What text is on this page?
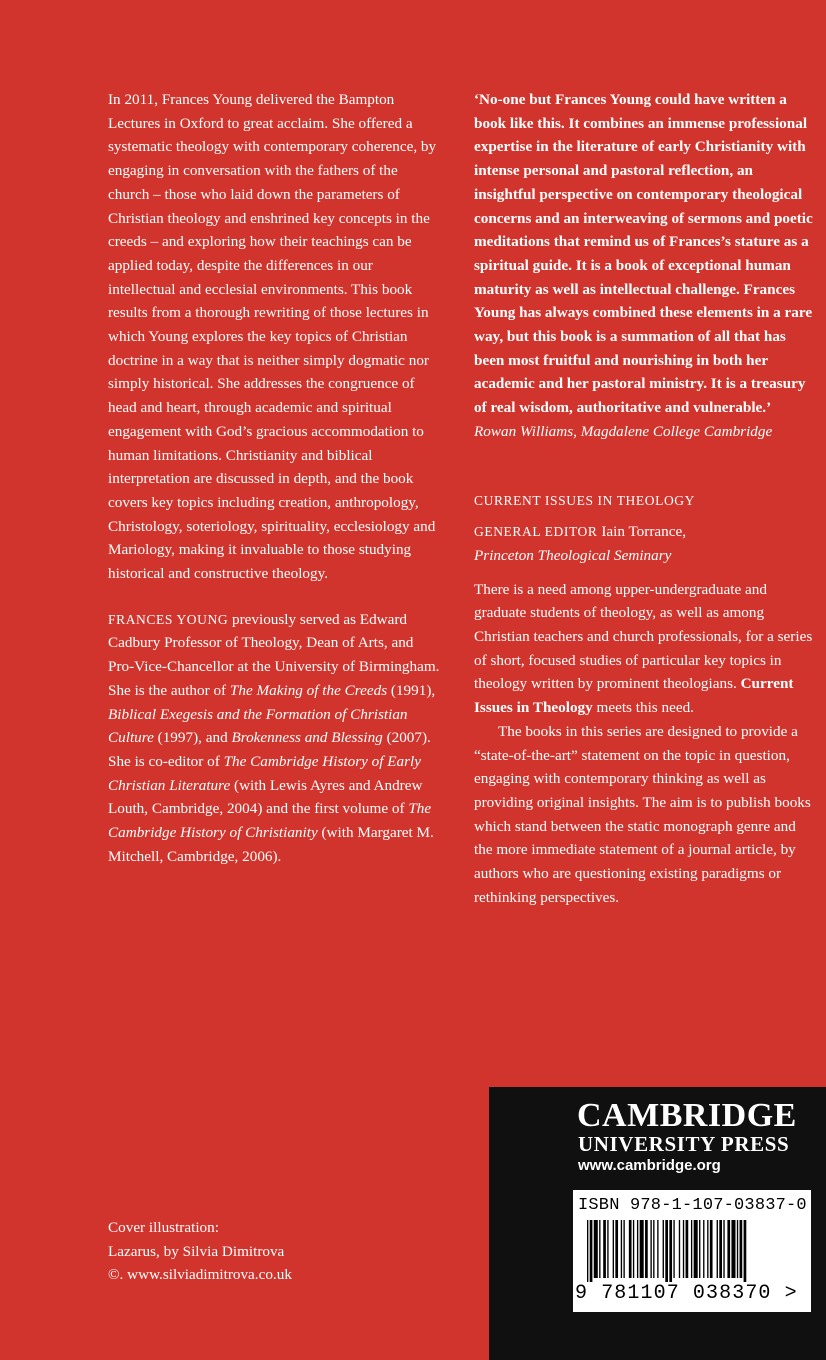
In 2011, Frances Young delivered the Bampton Lectures in Oxford to great acclaim. She offered a systematic theology with contemporary coherence, by engaging in conversation with the fathers of the church – those who laid down the parameters of Christian theology and enshrined key concepts in the creeds – and exploring how their teachings can be applied today, despite the differences in our intellectual and ecclesial environments. This book results from a thorough rewriting of those lectures in which Young explores the key topics of Christian doctrine in a way that is neither simply dogmatic nor simply historical. She addresses the congruence of head and heart, through academic and spiritual engagement with God’s gracious accommodation to human limitations. Christianity and biblical interpretation are discussed in depth, and the book covers key topics including creation, anthropology, Christology, soteriology, spirituality, ecclesiology and Mariology, making it invaluable to those studying historical and constructive theology.

FRANCES YOUNG previously served as Edward Cadbury Professor of Theology, Dean of Arts, and Pro-Vice-Chancellor at the University of Birmingham. She is the author of The Making of the Creeds (1991), Biblical Exegesis and the Formation of Christian Culture (1997), and Brokenness and Blessing (2007). She is co-editor of The Cambridge History of Early Christian Literature (with Lewis Ayres and Andrew Louth, Cambridge, 2004) and the first volume of The Cambridge History of Christianity (with Margaret M. Mitchell, Cambridge, 2006).

‘No-one but Frances Young could have written a book like this. It combines an immense professional expertise in the literature of early Christianity with intense personal and pastoral reflection, an insightful perspective on contemporary theological concerns and an interweaving of sermons and poetic meditations that remind us of Frances’s stature as a spiritual guide. It is a book of exceptional human maturity as well as intellectual challenge. Frances Young has always combined these elements in a rare way, but this book is a summation of all that has been most fruitful and nourishing in both her academic and her pastoral ministry. It is a treasury of real wisdom, authoritative and vulnerable.’

Rowan Williams, Magdalene College Cambridge

CURRENT ISSUES IN THEOLOGY

GENERAL EDITOR Iain Torrance,

Princeton Theological Seminary

There is a need among upper-undergraduate and graduate students of theology, as well as among Christian teachers and church professionals, for a series of short, focused studies of particular key topics in theology written by prominent theologians. Current Issues in Theology meets this need.

The books in this series are designed to provide a “state-of-the-art” statement on the topic in question, engaging with contemporary thinking as well as providing original insights. The aim is to publish books which stand between the static monograph genre and the more immediate statement of a journal article, by authors who are questioning existing paradigms or rethinking perspectives.

Cover illustration:
Lazarus, by Silvia Dimitrova
©. www.silviadimitrova.co.uk
CAMBRIDGE
UNIVERSITY PRESS
www.cambridge.org
ISBN 978-1-107-03837-0
9 781107 038370 >
